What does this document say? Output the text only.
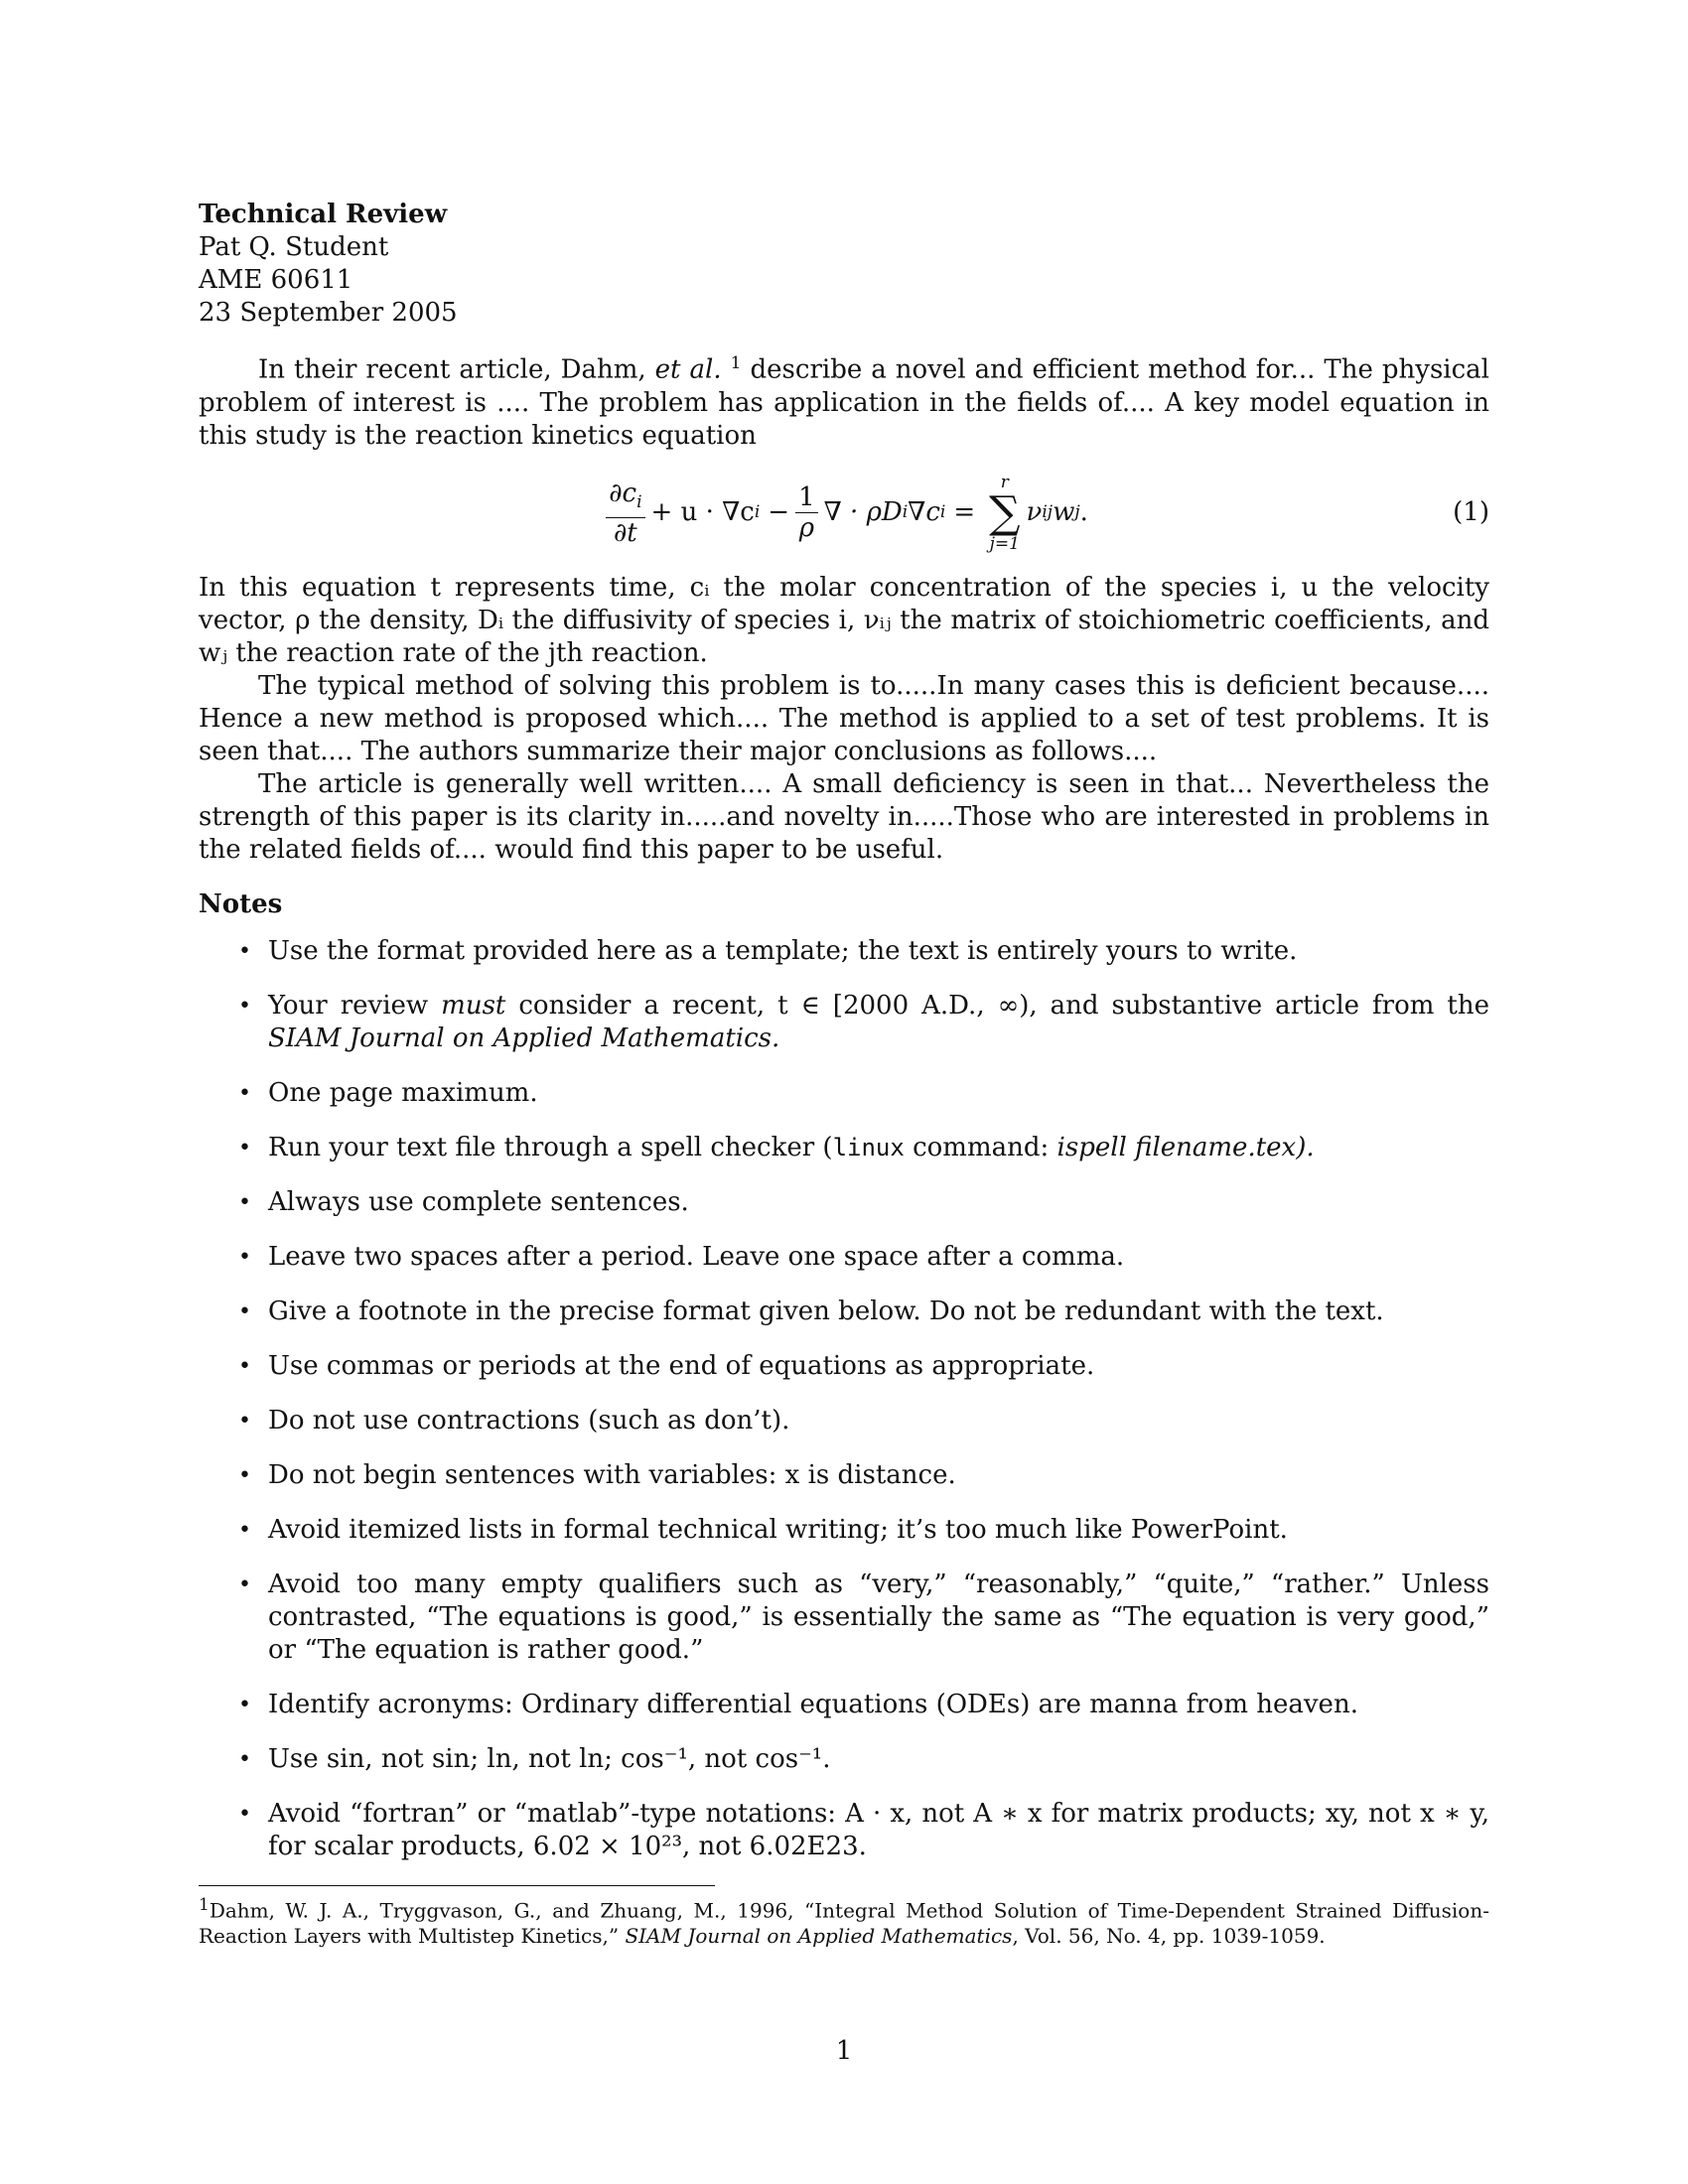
Technical Review
Pat Q. Student
AME 60611
23 September 2005

In their recent article, Dahm, et al. $^1$ describe a novel and efficient method for... The physical problem of interest is .... The problem has application in the fields of.... A key model equation in this study is the reaction kinetics equation

$\frac{\partial c_i}{\partial t} + u \cdot \nabla c$ $i - \frac{1}{\rho}$ ∇ · ρD i ∇c i =
r
∑
j=1
ν ij w j .	(1)

In this equation t represents time, cᵢ the molar concentration of the species i, u the velocity vector, ρ the density, Dᵢ the diffusivity of species i, νᵢⱼ the matrix of stoichiometric coefficients, and wⱼ the reaction rate of the jth reaction.

The typical method of solving this problem is to.....In many cases this is deficient because.... Hence a new method is proposed which.... The method is applied to a set of test problems. It is seen that.... The authors summarize their major conclusions as follows....

The article is generally well written.... A small deficiency is seen in that... Nevertheless the strength of this paper is its clarity in.....and novelty in.....Those who are interested in problems in the related fields of.... would find this paper to be useful.

Notes
• Use the format provided here as a template; the text is entirely yours to write.
• Your review must consider a recent, t ∈ [2000 A.D., ∞), and substantive article from the SIAM Journal on Applied Mathematics.
• One page maximum.
• Run your text file through a spell checker (linux command: ispell filename.tex).
• Always use complete sentences.
• Leave two spaces after a period. Leave one space after a comma.
• Give a footnote in the precise format given below. Do not be redundant with the text.
• Use commas or periods at the end of equations as appropriate.
• Do not use contractions (such as don’t).
• Do not begin sentences with variables: x is distance.
• Avoid itemized lists in formal technical writing; it’s too much like PowerPoint.
• Avoid too many empty qualifiers such as “very,” “reasonably,” “quite,” “rather.” Unless contrasted, “The equations is good,” is essentially the same as “The equation is very good,” or “The equation is rather good.”
• Identify acronyms: Ordinary differential equations (ODEs) are manna from heaven.
• Use sin, not sin; ln, not ln; cos⁻¹, not cos⁻¹.
• Avoid “fortran” or “matlab”-type notations: A · x, not A ∗ x for matrix products; xy, not x ∗ y, for scalar products, 6.02 × 10²³, not 6.02E23.
$^1$Dahm, W. J. A., Tryggvason, G., and Zhuang, M., 1996, “Integral Method Solution of Time-Dependent Strained Diffusion-Reaction Layers with Multistep Kinetics,” SIAM Journal on Applied Mathematics, Vol. 56, No. 4, pp. 1039-1059.
1
